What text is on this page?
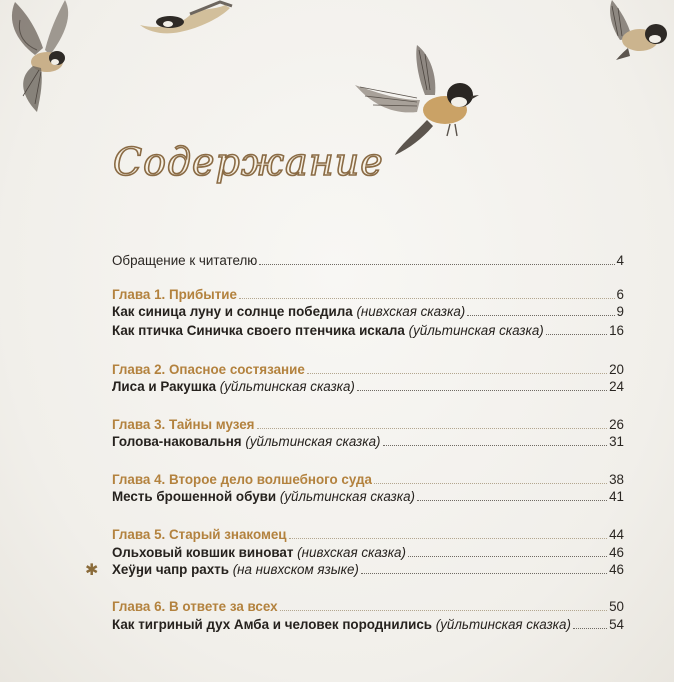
Содержание
✱
Обращение к читателю	4
Глава 1. Прибытие	6
Как синица луну и солнце победила (нивхская сказка)	9
Как птичка Синичка своего птенчика искала (уйльтинская сказка)	16
Глава 2. Опасное состязание	20
Лиса и Ракушка (уйльтинская сказка)	24
Глава 3. Тайны музея	26
Голова-наковальня (уйльтинская сказка)	31
Глава 4. Второе дело волшебного суда	38
Месть брошенной обуви (уйльтинская сказка)	41
Глава 5. Старый знакомец	44
Ольховый ковшик виноват (нивхская сказка)	46
Хеӱӈи чапр рахть (на нивхском языке)	46
Глава 6. В ответе за всех	50
Как тигриный дух Амба и человек породнились (уйльтинская сказка)	54
